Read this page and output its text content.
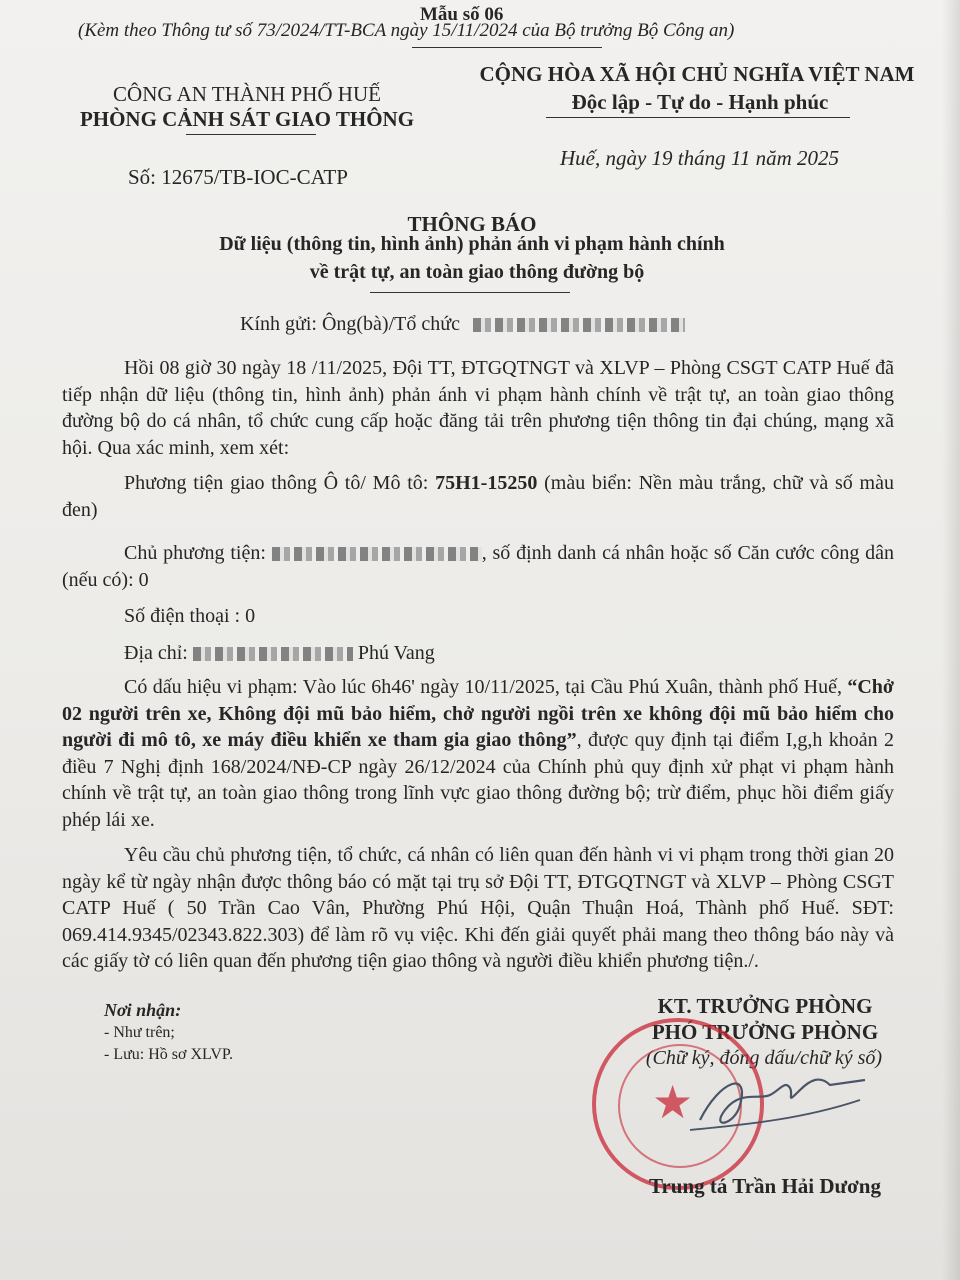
Mẫu số 06
(Kèm theo Thông tư số 73/2024/TT-BCA ngày 15/11/2024 của Bộ trưởng Bộ Công an)
CÔNG AN THÀNH PHỐ HUẾ
PHÒNG CẢNH SÁT GIAO THÔNG
CỘNG HÒA XÃ HỘI CHỦ NGHĨA VIỆT NAM
Độc lập - Tự do - Hạnh phúc
Số: 12675/TB-IOC-CATP
Huế, ngày 19 tháng 11 năm 2025
THÔNG BÁO
Dữ liệu (thông tin, hình ảnh) phản ánh vi phạm hành chính
về trật tự, an toàn giao thông đường bộ
Kính gửi: Ông(bà)/Tổ chức
Hồi 08 giờ 30 ngày 18 /11/2025, Đội TT, ĐTGQTNGT và XLVP – Phòng CSGT CATP Huế đã tiếp nhận dữ liệu (thông tin, hình ảnh) phản ánh vi phạm hành chính về trật tự, an toàn giao thông đường bộ do cá nhân, tổ chức cung cấp hoặc đăng tải trên phương tiện thông tin đại chúng, mạng xã hội. Qua xác minh, xem xét:
Phương tiện giao thông Ô tô/ Mô tô: 75H1-15250 (màu biển: Nền màu trắng, chữ và số màu đen)
Chủ phương tiện:	, số định danh cá nhân hoặc số Căn cước công dân (nếu có): 0
Số điện thoại : 0
Địa chỉ:	Phú Vang
Có dấu hiệu vi phạm: Vào lúc 6h46' ngày 10/11/2025, tại Cầu Phú Xuân, thành phố Huế, “Chở 02 người trên xe, Không đội mũ bảo hiểm, chở người ngồi trên xe không đội mũ bảo hiểm cho người đi mô tô, xe máy điều khiển xe tham gia giao thông”, được quy định tại điểm I,g,h khoản 2 điều 7 Nghị định 168/2024/NĐ-CP ngày 26/12/2024 của Chính phủ quy định xử phạt vi phạm hành chính về trật tự, an toàn giao thông trong lĩnh vực giao thông đường bộ; trừ điểm, phục hồi điểm giấy phép lái xe.
Yêu cầu chủ phương tiện, tổ chức, cá nhân có liên quan đến hành vi vi phạm trong thời gian 20 ngày kể từ ngày nhận được thông báo có mặt tại trụ sở Đội TT, ĐTGQTNGT và XLVP – Phòng CSGT CATP Huế ( 50 Trần Cao Vân, Phường Phú Hội, Quận Thuận Hoá, Thành phố Huế. SĐT: 069.414.9345/02343.822.303) để làm rõ vụ việc. Khi đến giải quyết phải mang theo thông báo này và các giấy tờ có liên quan đến phương tiện giao thông và người điều khiển phương tiện./.
Nơi nhận:
- Như trên;
- Lưu: Hồ sơ XLVP.
KT. TRƯỞNG PHÒNG
PHÓ TRƯỞNG PHÒNG
(Chữ ký, đóng dấu/chữ ký số)
★
Trung tá Trần Hải Dương
